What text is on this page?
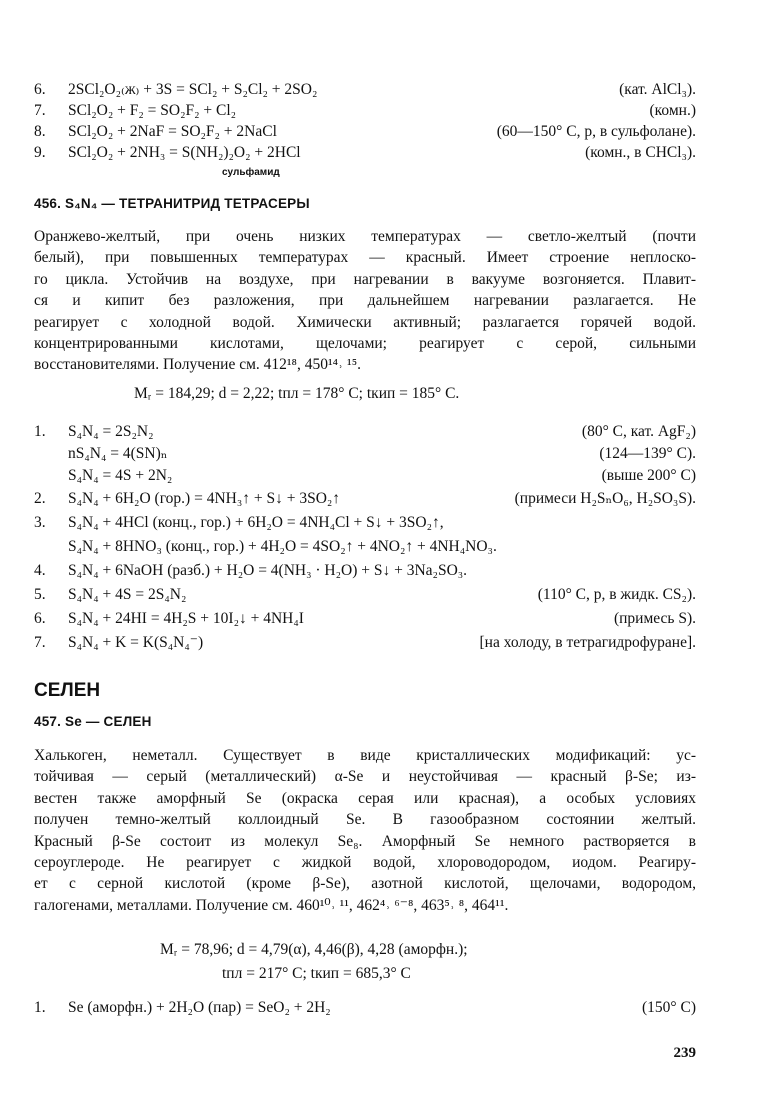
6. 2SCl₂O₂₍ж₎ + 3S = SCl₂ + S₂Cl₂ + 2SO₂	(кат. AlCl₃).
7. SCl₂O₂ + F₂ = SO₂F₂ + Cl₂	(комн.)
8. SCl₂O₂ + 2NaF = SO₂F₂ + 2NaCl	(60—150° C, p, в сульфолане).
9. SCl₂O₂ + 2NH₃ = S(NH₂)₂O₂ + 2HCl	(комн., в CHCl₃).
сульфамид
456. S₄N₄ — ТЕТРАНИТРИД ТЕТРАСЕРЫ
Оранжево-желтый, при очень низких температурах — светло-желтый (почти
белый), при повышенных температурах — красный. Имеет строение неплоско-
го цикла. Устойчив на воздухе, при нагревании в вакууме возгоняется. Плавит-
ся и кипит без разложения, при дальнейшем нагревании разлагается. Не
реагирует с холодной водой. Химически активный; разлагается горячей водой.
концентрированными кислотами, щелочами; реагирует с серой, сильными
восстановителями. Получение см. 412¹⁸, 450¹⁴˒ ¹⁵.
Mᵣ = 184,29; d = 2,22; tпл = 178° C; tкип = 185° C.
1. S₄N₄ = 2S₂N₂	(80° C, кат. AgF₂)
nS₄N₄ = 4(SN)ₙ	(124—139° C).
S₄N₄ = 4S + 2N₂	(выше 200° C)
2. S₄N₄ + 6H₂O (гор.) = 4NH₃↑ + S↓ + 3SO₂↑	(примеси H₂SₙO₆, H₂SO₃S).
3. S₄N₄ + 4HCl (конц., гор.) + 6H₂O = 4NH₄Cl + S↓ + 3SO₂↑,
S₄N₄ + 8HNO₃ (конц., гор.) + 4H₂O = 4SO₂↑ + 4NO₂↑ + 4NH₄NO₃.
4. S₄N₄ + 6NaOH (разб.) + H₂O = 4(NH₃ · H₂O) + S↓ + 3Na₂SO₃.
5. S₄N₄ + 4S = 2S₄N₂	(110° C, p, в жидк. CS₂).
6. S₄N₄ + 24HI = 4H₂S + 10I₂↓ + 4NH₄I	(примесь S).
7. S₄N₄ + K = K(S₄N₄⁻)	[на холоду, в тетрагидрофуране].
СЕЛЕН
457. Se — СЕЛЕН
Халькоген, неметалл. Существует в виде кристаллических модификаций: ус-
тойчивая — серый (металлический) α-Se и неустойчивая — красный β-Se; из-
вестен также аморфный Se (окраска серая или красная), а особых условиях
получен темно-желтый коллоидный Se. В газообразном состоянии желтый.
Красный β-Se состоит из молекул Se₈. Аморфный Se немного растворяется в
сероуглероде. Не реагирует с жидкой водой, хлороводородом, иодом. Реагиру-
ет с серной кислотой (кроме β-Se), азотной кислотой, щелочами, водородом,
галогенами, металлами. Получение см. 460¹⁰˒ ¹¹, 462⁴˒ ⁶⁻⁸, 463⁵˒ ⁸, 464¹¹.
Mᵣ = 78,96; d = 4,79(α), 4,46(β), 4,28 (аморфн.);
tпл = 217° C; tкип = 685,3° C
1. Se (аморфн.) + 2H₂O (пар) = SeO₂ + 2H₂	(150° C)
239
